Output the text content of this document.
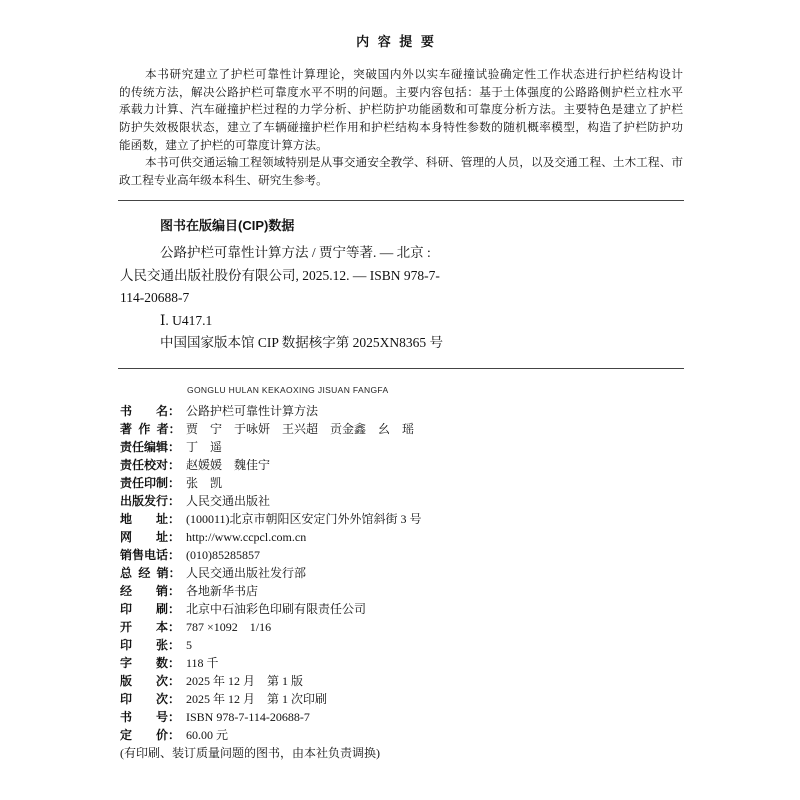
内 容 提 要
本书研究建立了护栏可靠性计算理论，突破国内外以实车碰撞试验确定性工作状态进行护栏结构设计
的传统方法，解决公路护栏可靠度水平不明的问题。主要内容包括：基于土体强度的公路路侧护栏立柱水平
承载力计算、汽车碰撞护栏过程的力学分析、护栏防护功能函数和可靠度分析方法。主要特色是建立了护栏
防护失效极限状态，建立了车辆碰撞护栏作用和护栏结构本身特性参数的随机概率模型，构造了护栏防护功
能函数，建立了护栏的可靠度计算方法。
本书可供交通运输工程领域特别是从事交通安全教学、科研、管理的人员，以及交通工程、土木工程、市
政工程专业高年级本科生、研究生参考。
图书在版编目(CIP)数据
公路护栏可靠性计算方法 / 贾宁等著. — 北京 :
人民交通出版社股份有限公司, 2025.12. — ISBN 978-7-
114-20688-7
Ⅰ. U417.1
中国国家版本馆 CIP 数据核字第 2025XN8365 号
GONGLU HULAN KEKAOXING JISUAN FANGFA
书　　名： 公路护栏可靠性计算方法
著 作 者： 贾　宁　于咏妍　王兴超　贡金鑫　幺　瑶
责任编辑： 丁　遥
责任校对： 赵媛媛　魏佳宁
责任印制： 张　凯
出版发行： 人民交通出版社
地　　址： (100011)北京市朝阳区安定门外外馆斜街 3 号
网　　址： http://www.ccpcl.com.cn
销售电话： (010)85285857
总 经 销： 人民交通出版社发行部
经　　销： 各地新华书店
印　　刷： 北京中石油彩色印刷有限责任公司
开　　本： 787 ×1092　1/16
印　　张： 5
字　　数： 118 千
版　　次： 2025 年 12 月　第 1 版
印　　次： 2025 年 12 月　第 1 次印刷
书　　号： ISBN 978-7-114-20688-7
定　　价： 60.00 元
(有印刷、装订质量问题的图书，由本社负责调换)
